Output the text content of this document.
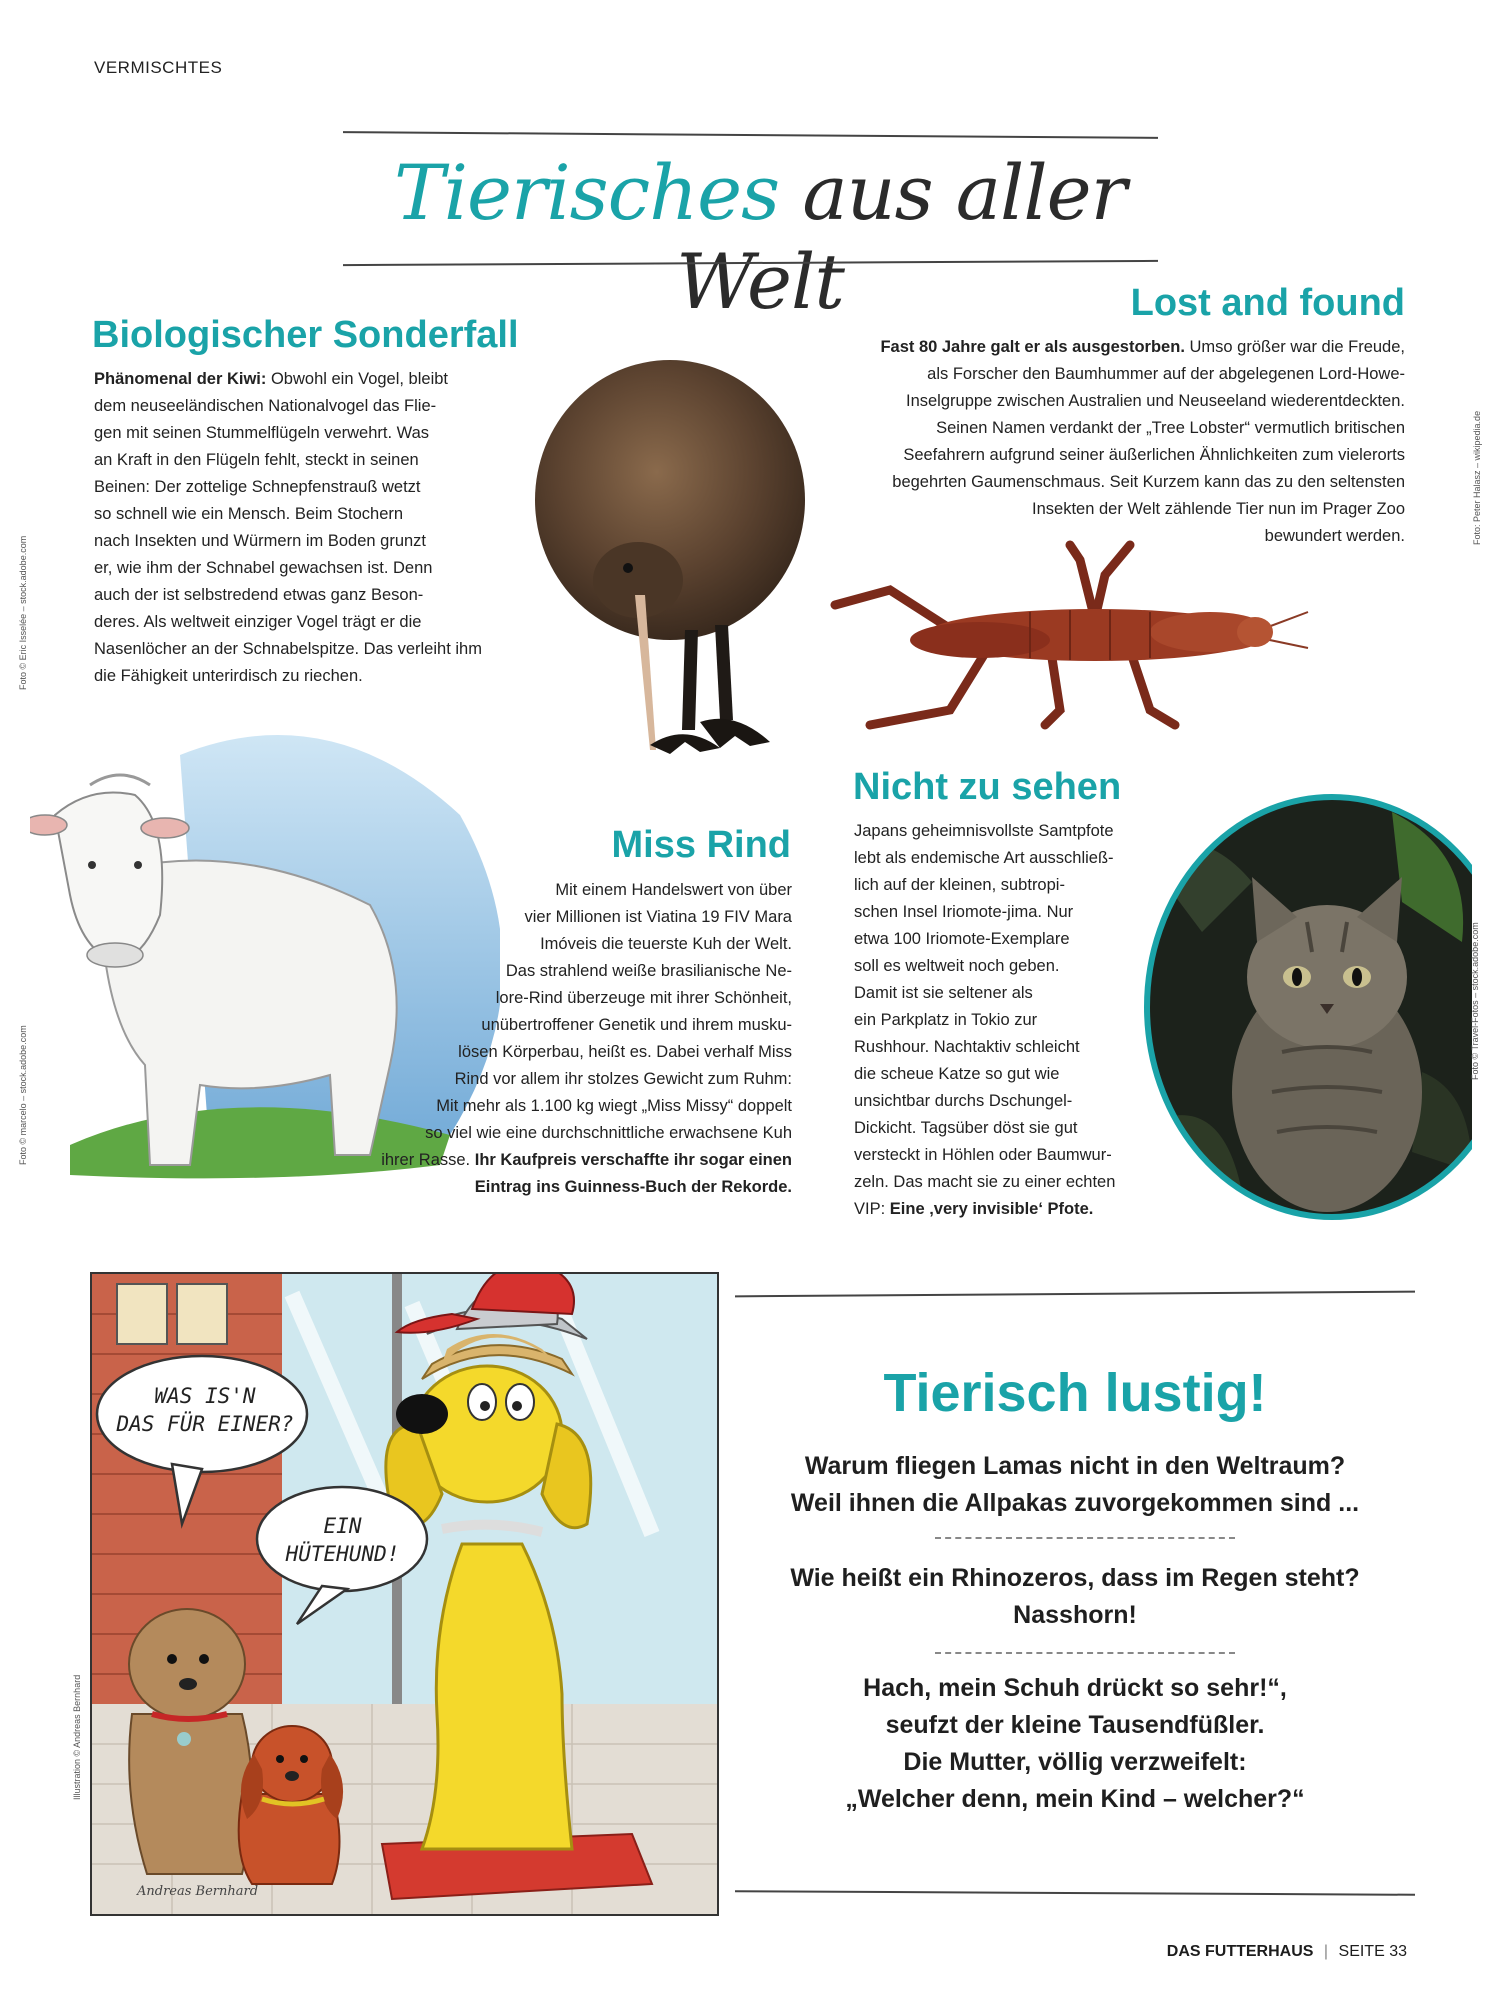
VERMISCHTES
Tierisches aus aller Welt
Biologischer Sonderfall
Phänomenal der Kiwi: Obwohl ein Vogel, bleibt
dem neuseeländischen Nationalvogel das Flie-
gen mit seinen Stummelflügeln verwehrt. Was
an Kraft in den Flügeln fehlt, steckt in seinen
Beinen: Der zottelige Schnepfenstrauß wetzt
so schnell wie ein Mensch. Beim Stochern
nach Insekten und Würmern im Boden grunzt
er, wie ihm der Schnabel gewachsen ist. Denn
auch der ist selbstredend etwas ganz Beson-
deres. Als weltweit einziger Vogel trägt er die
Nasenlöcher an der Schnabelspitze. Das verleiht ihm
die Fähigkeit unterirdisch zu riechen.
Foto © Eric Isselée – stock.adobe.com
Lost and found
Fast 80 Jahre galt er als ausgestorben. Umso größer war die Freude,
als Forscher den Baumhummer auf der abgelegenen Lord-Howe-
Inselgruppe zwischen Australien und Neuseeland wiederentdeckten.
Seinen Namen verdankt der „Tree Lobster“ vermutlich britischen
Seefahrern aufgrund seiner äußerlichen Ähnlichkeiten zum vielerorts
begehrten Gaumenschmaus. Seit Kurzem kann das zu den seltensten
Insekten der Welt zählende Tier nun im Prager Zoo
bewundert werden.	Foto: Peter Halasz – wikipedia.de
Foto © marcelo – stock.adobe.com
Miss Rind
Mit einem Handelswert von über
vier Millionen ist Viatina 19 FIV Mara
Imóveis die teuerste Kuh der Welt.
Das strahlend weiße brasilianische Ne-
lore-Rind überzeuge mit ihrer Schönheit,
unübertroffener Genetik und ihrem musku-
lösen Körperbau, heißt es. Dabei verhalf Miss
Rind vor allem ihr stolzes Gewicht zum Ruhm:
Mit mehr als 1.100 kg wiegt „Miss Missy“ doppelt
so viel wie eine durchschnittliche erwachsene Kuh
ihrer Rasse. Ihr Kaufpreis verschaffte ihr sogar einen
Eintrag ins Guinness-Buch der Rekorde.
Nicht zu sehen
Japans geheimnisvollste Samtpfote
lebt als endemische Art ausschließ-
lich auf der kleinen, subtropi-
schen Insel Iriomote-jima. Nur
etwa 100 Iriomote-Exemplare
soll es weltweit noch geben.
Damit ist sie seltener als
ein Parkplatz in Tokio zur
Rushhour. Nachtaktiv schleicht
die scheue Katze so gut wie
unsichtbar durchs Dschungel-
Dickicht. Tagsüber döst sie gut
versteckt in Höhlen oder Baumwur-
zeln. Das macht sie zu einer echten
VIP: Eine ‚very invisible‘ Pfote.
Foto © Travel-Fotos – stock.adobe.com
WAS IS'N
DAS FÜR EINER?
EIN
HÜTEHUND!
Andreas Bernhard
Illustration © Andreas Bernhard
Tierisch lustig!
Warum fliegen Lamas nicht in den Weltraum?
Weil ihnen die Allpakas zuvorgekommen sind ...
Wie heißt ein Rhinozeros, dass im Regen steht?
Nasshorn!
Hach, mein Schuh drückt so sehr!“,
seufzt der kleine Tausendfüßler.
Die Mutter, völlig verzweifelt:
„Welcher denn, mein Kind – welcher?“
DAS FUTTERHAUS | SEITE 33
